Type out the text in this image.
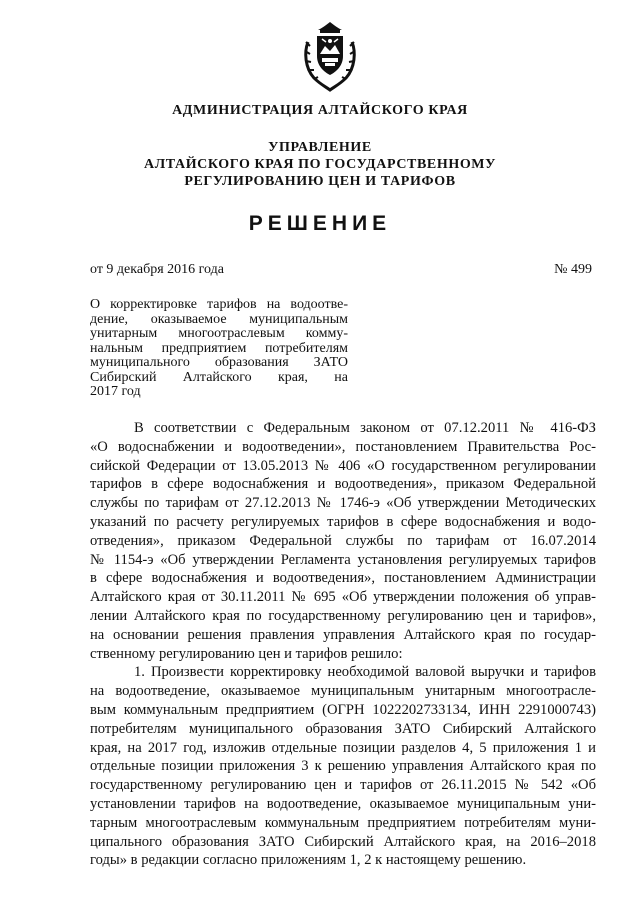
АДМИНИСТРАЦИЯ АЛТАЙСКОГО КРАЯ
УПРАВЛЕНИЕ
АЛТАЙСКОГО КРАЯ ПО ГОСУДАРСТВЕННОМУ
РЕГУЛИРОВАНИЮ ЦЕН И ТАРИФОВ
РЕШЕНИЕ
от 9 декабря 2016 года	№ 499
О корректировке тарифов на водоотве-
дение, оказываемое муниципальным
унитарным многоотраслевым комму-
нальным предприятием потребителям
муниципального образования ЗАТО
Сибирский Алтайского края, на
2017 год
В соответствии с Федеральным законом от 07.12.2011 № 416-ФЗ
«О водоснабжении и водоотведении», постановлением Правительства Рос-
сийской Федерации от 13.05.2013 № 406 «О государственном регулировании
тарифов в сфере водоснабжения и водоотведения», приказом Федеральной
службы по тарифам от 27.12.2013 № 1746-э «Об утверждении Методических
указаний по расчету регулируемых тарифов в сфере водоснабжения и водо-
отведения», приказом Федеральной службы по тарифам от 16.07.2014
№ 1154-э «Об утверждении Регламента установления регулируемых тарифов
в сфере водоснабжения и водоотведения», постановлением Администрации
Алтайского края от 30.11.2011 № 695 «Об утверждении положения об управ-
лении Алтайского края по государственному регулированию цен и тарифов»,
на основании решения правления управления Алтайского края по государ-
ственному регулированию цен и тарифов решило:
1. Произвести корректировку необходимой валовой выручки и тарифов
на водоотведение, оказываемое муниципальным унитарным многоотрасле-
вым коммунальным предприятием (ОГРН 1022202733134, ИНН 2291000743)
потребителям муниципального образования ЗАТО Сибирский Алтайского
края, на 2017 год, изложив отдельные позиции разделов 4, 5 приложения 1 и
отдельные позиции приложения 3 к решению управления Алтайского края по
государственному регулированию цен и тарифов от 26.11.2015 № 542 «Об
установлении тарифов на водоотведение, оказываемое муниципальным уни-
тарным многоотраслевым коммунальным предприятием потребителям муни-
ципального образования ЗАТО Сибирский Алтайского края, на 2016–2018
годы» в редакции согласно приложениям 1, 2 к настоящему решению.
